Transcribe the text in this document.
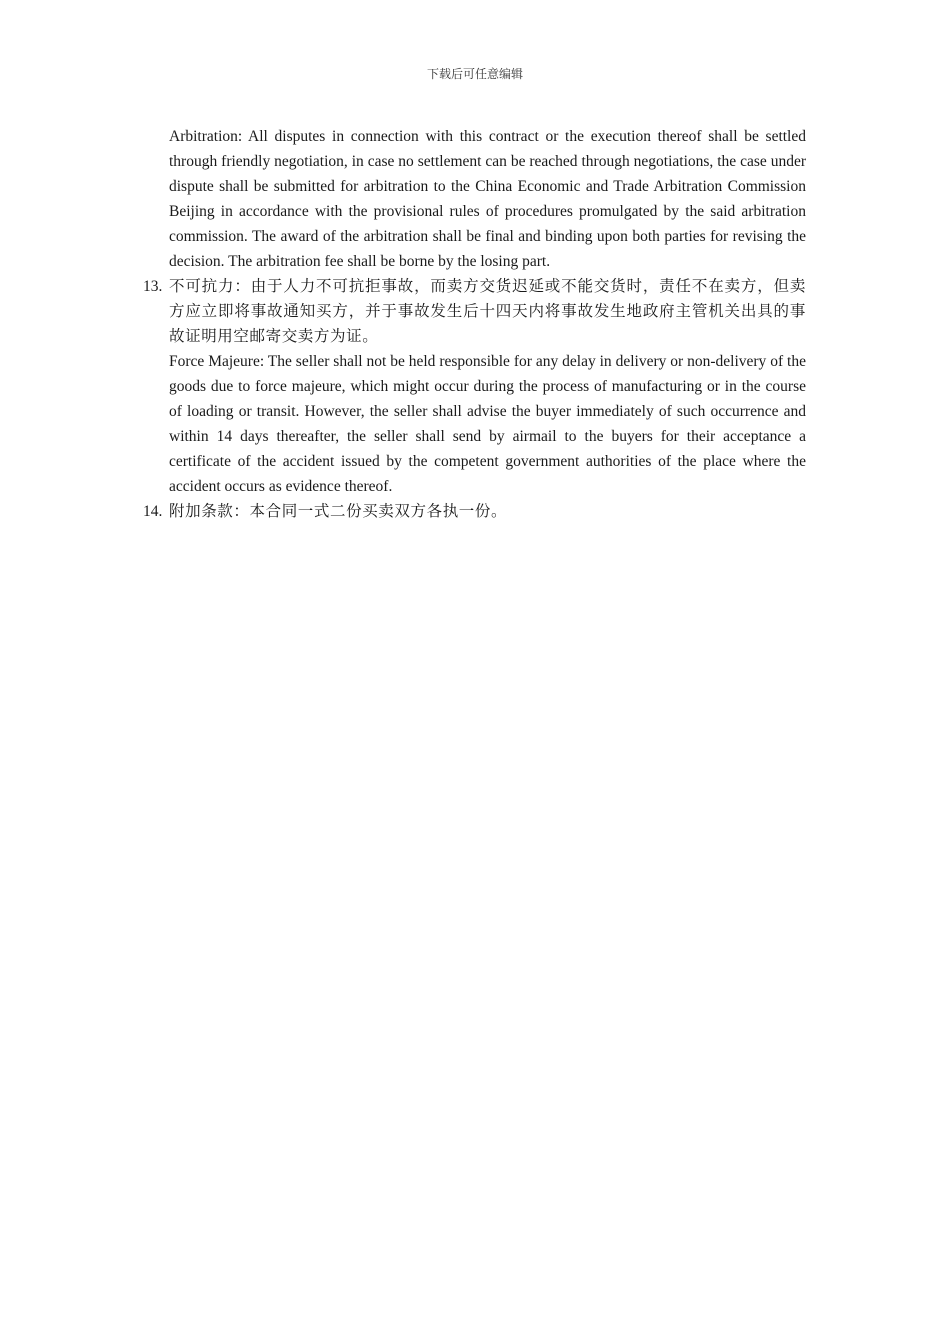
下载后可任意编辑

Arbitration: All disputes in connection with this contract or the execution thereof shall be settled through friendly negotiation, in case no settlement can be reached through negotiations, the case under dispute shall be submitted for arbitration to the China Economic and Trade Arbitration Commission Beijing in accordance with the provisional rules of procedures promulgated by the said arbitration commission. The award of the arbitration shall be final and binding upon both parties for revising the decision. The arbitration fee shall be borne by the losing part.

13. 不可抗力：由于人力不可抗拒事故，而卖方交货迟延或不能交货时，责任不在卖方，但卖方应立即将事故通知买方，并于事故发生后十四天内将事故发生地政府主管机关出具的事故证明用空邮寄交卖方为证。

Force Majeure: The seller shall not be held responsible for any delay in delivery or non-delivery of the goods due to force majeure, which might occur during the process of manufacturing or in the course of loading or transit. However, the seller shall advise the buyer immediately of such occurrence and within 14 days thereafter, the seller shall send by airmail to the buyers for their acceptance a certificate of the accident issued by the competent government authorities of the place where the accident occurs as evidence thereof.

14. 附加条款：本合同一式二份买卖双方各执一份。
